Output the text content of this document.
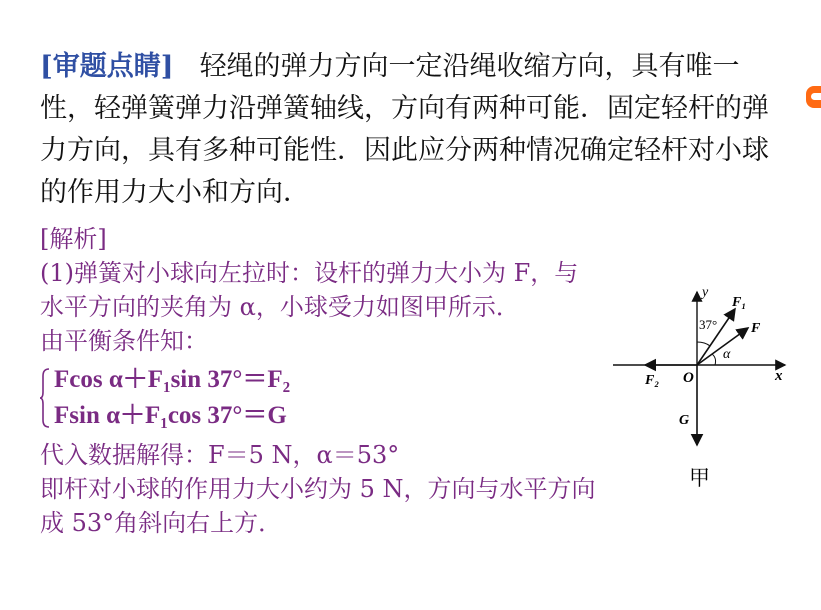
[审题点睛] 轻绳的弹力方向一定沿绳收缩方向，具有唯一性，轻弹簧弹力沿弹簧轴线，方向有两种可能．固定轻杆的弹力方向，具有多种可能性．因此应分两种情况确定轻杆对小球的作用力大小和方向．
[解析]
(1)弹簧对小球向左拉时：设杆的弹力大小为 F，与
水平方向的夹角为 α，小球受力如图甲所示．
由平衡条件知：
Fcos α＋F₁sin 37°＝F₂
Fsin α＋F₁cos 37°＝G
代入数据解得：F＝5 N，α＝53°
即杆对小球的作用力大小约为 5 N，方向与水平方向
成 53°角斜向右上方．
y
x
O
F₁
F
F₂
G
37°
α
甲
